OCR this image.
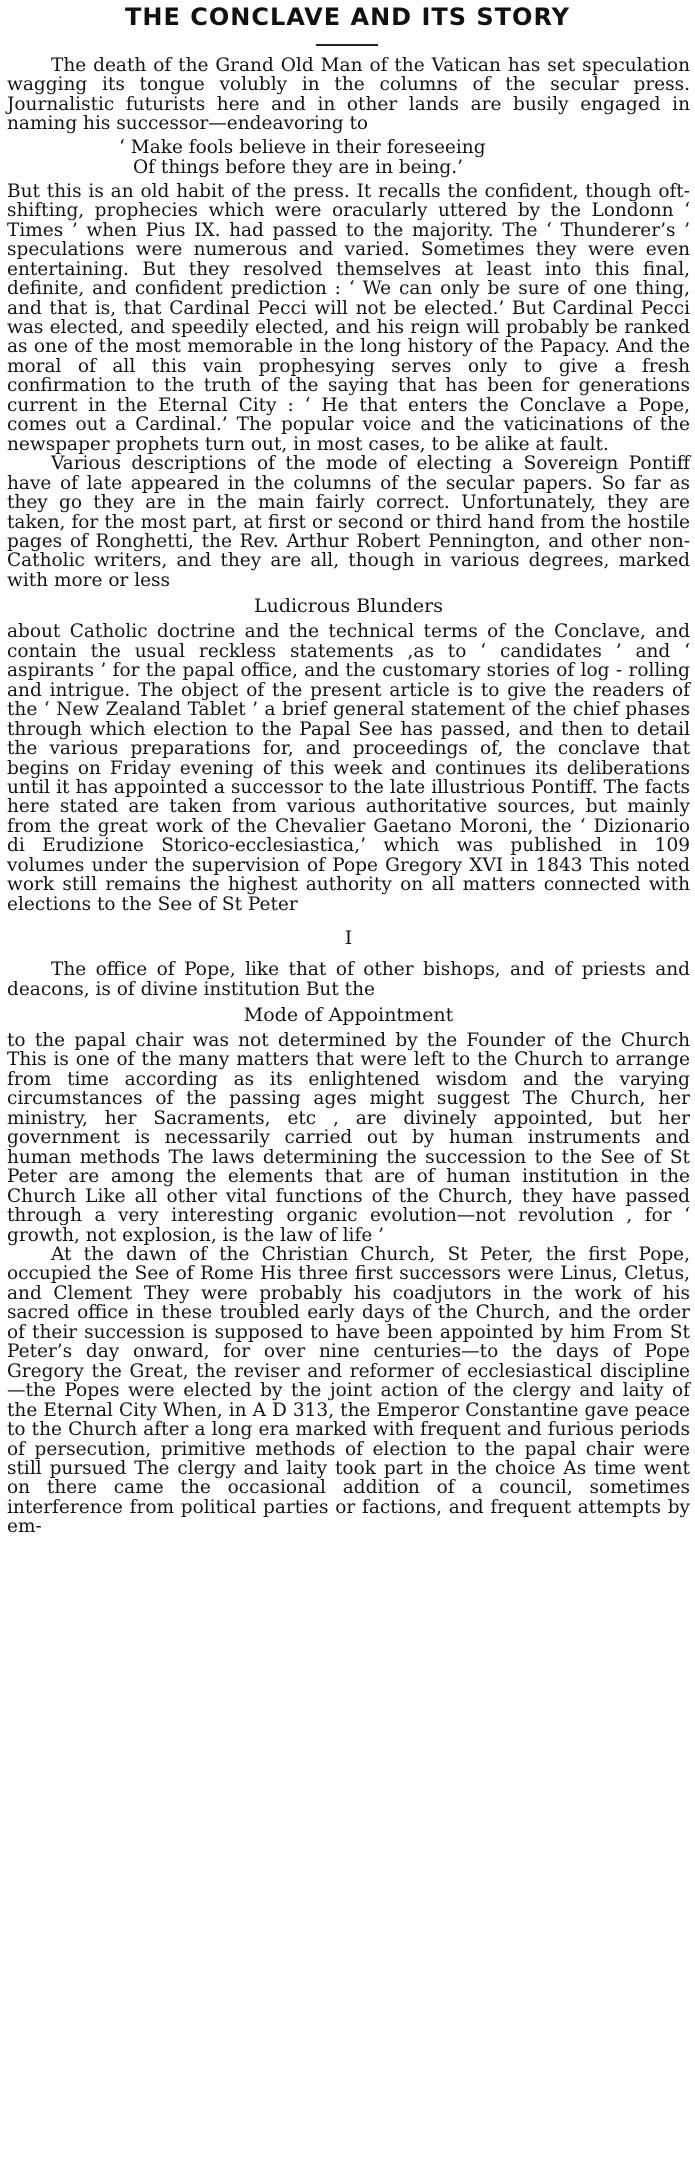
THE CONCLAVE AND ITS STORY

The death of the Grand Old Man of the Vatican has set speculation wagging its tongue volubly in the columns of the secular press. Journalistic futurists here and in other lands are busily engaged in naming his successor—endeavoring to

‘ Make fools believe in their foreseeing
Of things before they are in being.’

But this is an old habit of the press. It recalls the confident, though oft-shifting, prophecies which were oracularly uttered by the Londonn ‘ Times ’ when Pius IX. had passed to the majority. The ‘ Thunderer’s ’ speculations were numerous and varied. Sometimes they were even entertaining. But they resolved themselves at least into this final, definite, and confident prediction : ‘ We can only be sure of one thing, and that is, that Cardinal Pecci will not be elected.’ But Cardinal Pecci was elected, and speedily elected, and his reign will probably be ranked as one of the most memorable in the long history of the Papacy. And the moral of all this vain prophesying serves only to give a fresh confirmation to the truth of the saying that has been for generations current in the Eternal City : ‘ He that enters the Conclave a Pope, comes out a Cardinal.’ The popular voice and the vaticinations of the newspaper prophets turn out, in most cases, to be alike at fault.

Various descriptions of the mode of electing a Sovereign Pontiff have of late appeared in the columns of the secular papers. So far as they go they are in the main fairly correct. Unfortunately, they are taken, for the most part, at first or second or third hand from the hostile pages of Ronghetti, the Rev. Arthur Robert Pennington, and other non-Catholic writers, and they are all, though in various degrees, marked with more or less

Ludicrous Blunders

about Catholic doctrine and the technical terms of the Conclave, and contain the usual reckless statements ,as to ‘ candidates ’ and ‘ aspirants ’ for the papal office, and the customary stories of log - rolling and intrigue. The object of the present article is to give the readers of the ‘ New Zealand Tablet ’ a brief general statement of the chief phases through which election to the Papal See has passed, and then to detail the various preparations for, and proceedings of, the conclave that begins on Friday evening of this week and continues its deliberations until it has appointed a successor to the late illustrious Pontiff. The facts here stated are taken from various authoritative sources, but mainly from the great work of the Chevalier Gaetano Moroni, the ‘ Dizionario di Erudizione Storico-ecclesiastica,’ which was published in 109 volumes under the supervision of Pope Gregory XVI in 1843 This noted work still remains the highest authority on all matters connected with elections to the See of St Peter

I

The office of Pope, like that of other bishops, and of priests and deacons, is of divine institution But the

Mode of Appointment

to the papal chair was not determined by the Founder of the Church This is one of the many matters that were left to the Church to arrange from time according as its enlightened wisdom and the varying circumstances of the passing ages might suggest The Church, her ministry, her Sacraments, etc , are divinely appointed, but her government is necessarily carried out by human instruments and human methods The laws determining the succession to the See of St Peter are among the elements that are of human institution in the Church Like all other vital functions of the Church, they have passed through a very interesting organic evolution—not revolution , for ‘ growth, not explosion, is the law of life ’

At the dawn of the Christian Church, St Peter, the first Pope, occupied the See of Rome His three first successors were Linus, Cletus, and Clement They were probably his coadjutors in the work of his sacred office in these troubled early days of the Church, and the order of their succession is supposed to have been appointed by him From St Peter’s day onward, for over nine centuries—to the days of Pope Gregory the Great, the reviser and reformer of ecclesiastical discipline—the Popes were elected by the joint action of the clergy and laity of the Eternal City When, in A D 313, the Emperor Constantine gave peace to the Church after a long era marked with frequent and furious periods of persecution, primitive methods of election to the papal chair were still pursued The clergy and laity took part in the choice As time went on there came the occasional addition of a council, sometimes interference from political parties or factions, and frequent attempts by em-
